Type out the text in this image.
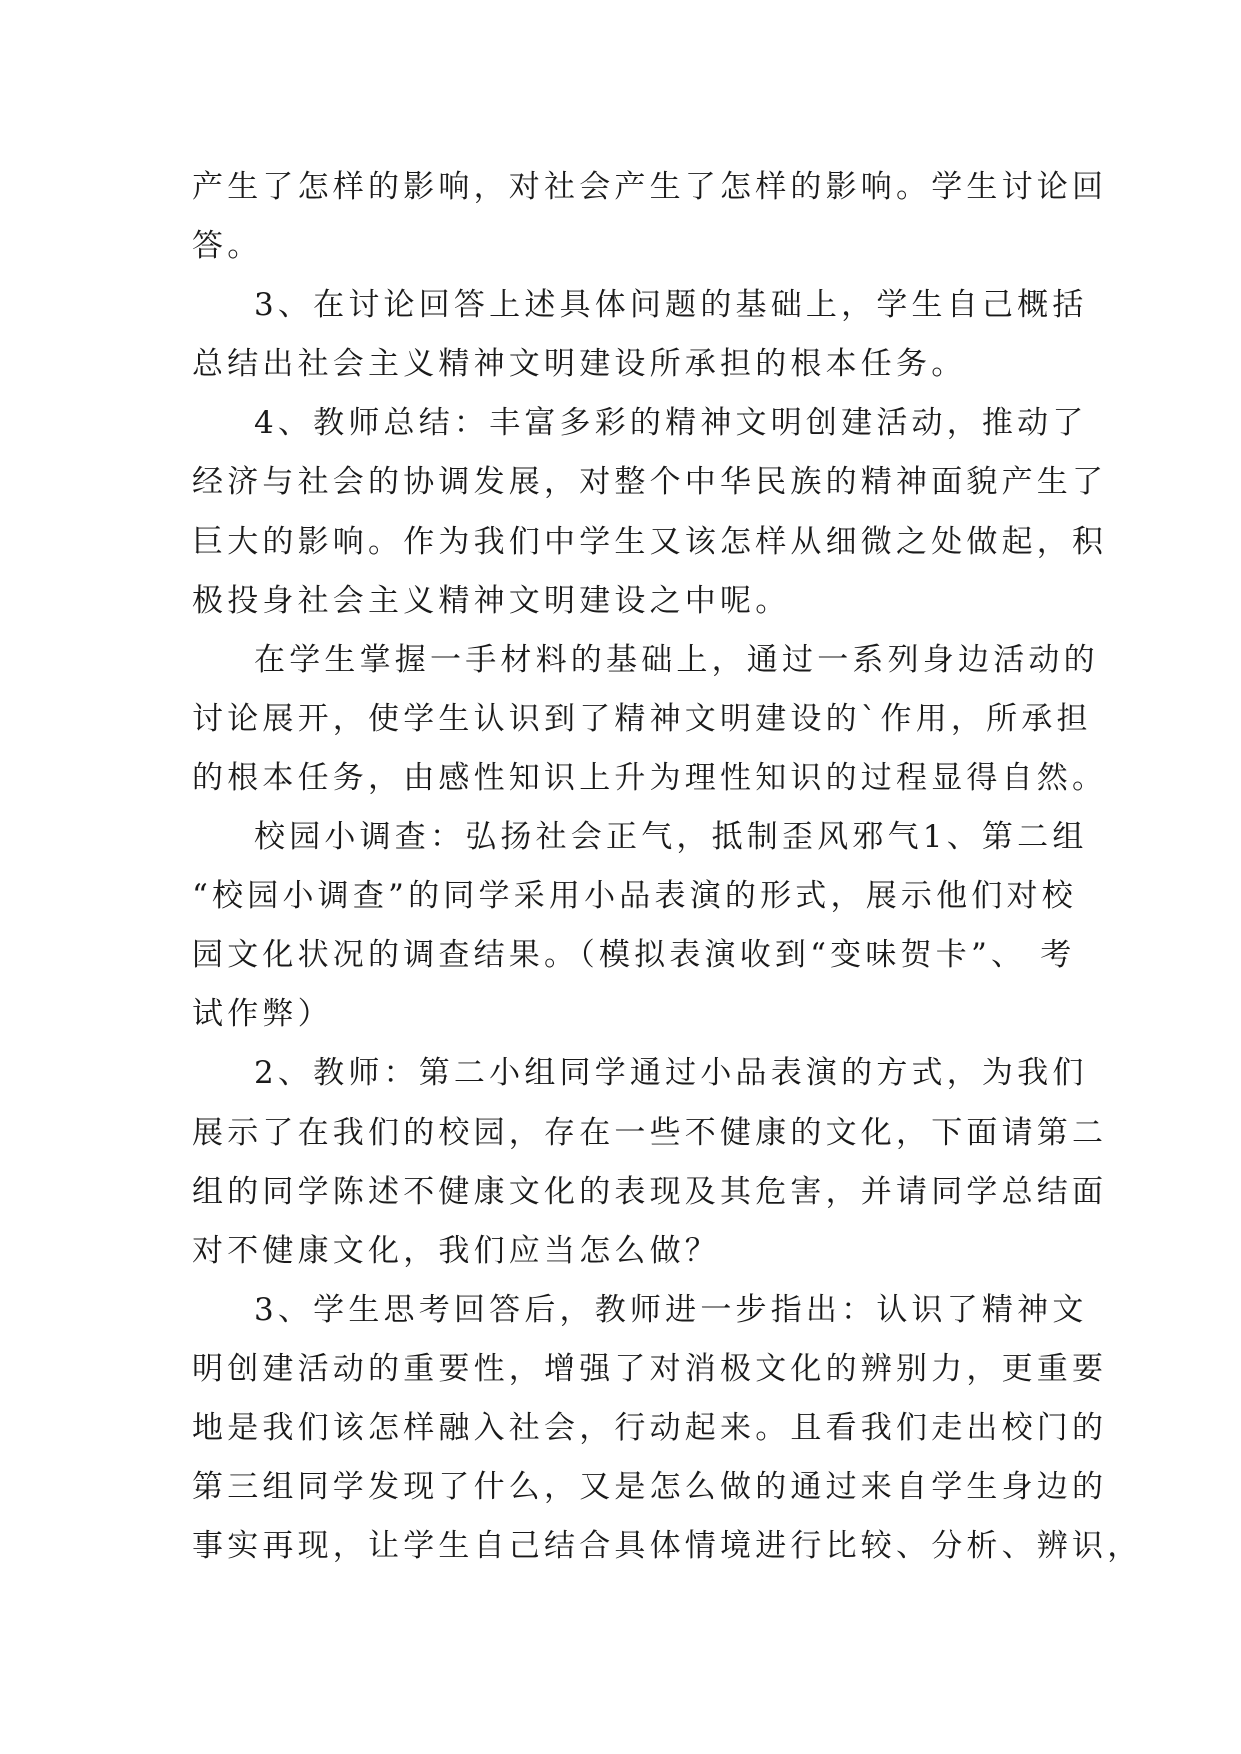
产生了怎样的影响，对社会产生了怎样的影响。学生讨论回
答。
3、在讨论回答上述具体问题的基础上，学生自己概括
总结出社会主义精神文明建设所承担的根本任务。
4、教师总结：丰富多彩的精神文明创建活动，推动了
经济与社会的协调发展，对整个中华民族的精神面貌产生了
巨大的影响。作为我们中学生又该怎样从细微之处做起，积
极投身社会主义精神文明建设之中呢。
在学生掌握一手材料的基础上，通过一系列身边活动的
讨论展开，使学生认识到了精神文明建设的`作用，所承担
的根本任务，由感性知识上升为理性知识的过程显得自然。
校园小调查：弘扬社会正气，抵制歪风邪气1、第二组
“校园小调查”的同学采用小品表演的形式，展示他们对校
园文化状况的调查结果。（模拟表演收到“变味贺卡”、 考
试作弊）
2、教师：第二小组同学通过小品表演的方式，为我们
展示了在我们的校园，存在一些不健康的文化，下面请第二
组的同学陈述不健康文化的表现及其危害，并请同学总结面
对不健康文化，我们应当怎么做？
3、学生思考回答后，教师进一步指出：认识了精神文
明创建活动的重要性，增强了对消极文化的辨别力，更重要
地是我们该怎样融入社会，行动起来。且看我们走出校门的
第三组同学发现了什么，又是怎么做的通过来自学生身边的
事实再现，让学生自己结合具体情境进行比较、分析、辨识，
